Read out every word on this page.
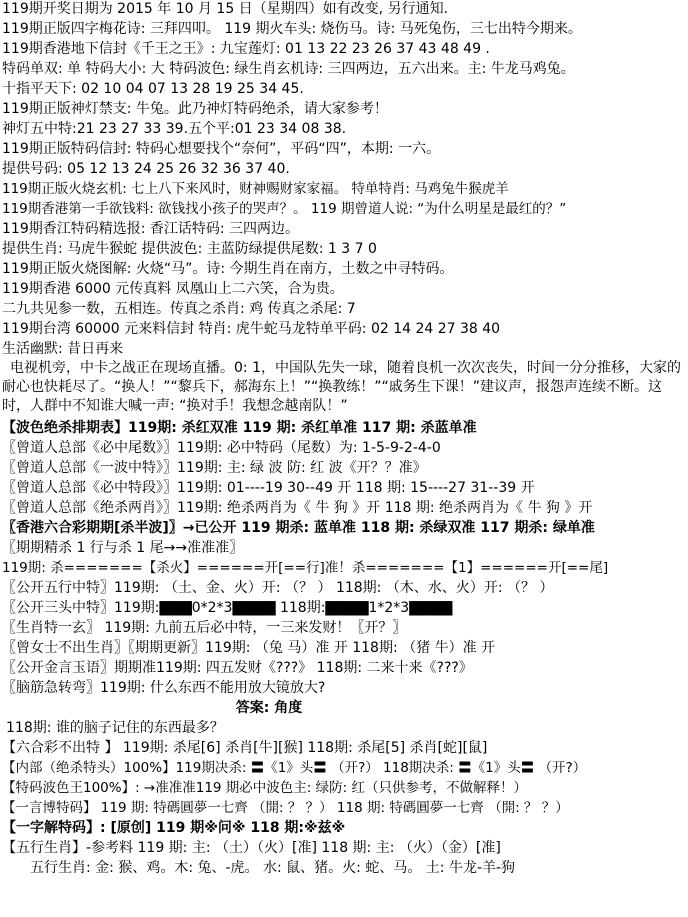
119期开奖日期为 2015 年 10 月 15 日（星期四）如有改变, 另行通知.
119期正版四字梅花诗: 三拜四叩。 119 期火车头: 烧伤马。诗: 马死兔伤，三七出特今期来。
119期香港地下信封《千王之王》: 九宝莲灯: 01 13 22 23 26 37 43 48 49 .
特码单双: 单 特码大小: 大 特码波色: 绿生肖玄机诗: 三四两边，五六出来。主: 牛龙马鸡兔。
十指平天下: 02 10 04 07 13 28 19 25 34 45.
119期正版神灯禁支: 牛兔。此乃神灯特码绝杀，请大家参考！
神灯五中特:21 23 27 33 39.五个平:01 23 34 08 38.
119期正版特码信封: 特码心想要找个“奈何”，平码“四”，本期: 一六。
提供号码: 05 12 13 24 25 26 32 36 37 40.
119期正版火烧玄机: 七上八下来风时，财神赐财家家福。 特单特肖: 马鸡兔牛猴虎羊
119期香港第一手欲钱料: 欲钱找小孩子的哭声？。 119 期曾道人说: “为什么明星是最红的？”
119期香江特码精选报: 香江话特码: 三四两边。
提供生肖: 马虎牛猴蛇 提供波色: 主蓝防绿提供尾数: 1 3 7 0
119期正版火烧图解: 火烧“马”。诗: 今期生肖在南方，土数之中寻特码。
119期香港 6000 元传真料 凤凰山上二六笑，合为贵。
二九共见参一数，五相连。传真之杀肖: 鸡 传真之杀尾: 7
119期台湾 60000 元来料信封 特肖: 虎牛蛇马龙特单平码: 02 14 24 27 38 40
生活幽默: 昔日再来
电视机旁，中卡之战正在现场直播。0: 1，中国队先失一球，随着良机一次次丧失，时间一分分推移，大家的耐心也快耗尽了。“换人！”“黎兵下，郝海东上！”“换教练！”“戚务生下课！”建议声，报怨声连续不断。这时，人群中不知谁大喊一声: “换对手！我想念越南队！”
【波色绝杀排期表】119期: 杀红双准 119 期: 杀红单准 117 期: 杀蓝单准
〖曾道人总部《必中尾数》〗119期: 必中特码（尾数）为: 1-5-9-2-4-0
〖曾道人总部《一波中特》〗119期: 主: 绿 波 防: 红 波《开？？准》
〖曾道人总部《必中特段》〗119期: 01----19 30--49 开 118 期: 15----27 31--39 开
〖曾道人总部《绝杀两肖》〗119期: 绝杀两肖为《 牛 狗 》开 118 期: 绝杀两肖为《 牛 狗 》开
〖香港六合彩期期[杀半波]〗→已公开 119 期杀: 蓝单准 118 期: 杀绿双准 117 期杀: 绿单准
〖期期精杀 1 行与杀 1 尾→→准准准〗
119期: 杀=======【杀火】======开[==行]准！杀=======【1】======开[==尾]
〖公开五行中特〗119期: （土、金、火）开: （？ ） 118期: （木、水、火）开: （？ ）
〖公开三头中特〗119期:▇▇▇0*2*3▇▇▇▇ 118期:▇▇▇▇1*2*3▇▇▇▇
〖生肖特一玄〗 119期: 九前五后必中特，一三来发财！〖开？〗
〖曾女士不出生肖〗〖期期更新〗119期: （兔 马）准 开 118期: （猪 牛）准 开
〖公开金言玉语〗期期准119期: 四五发财《???》 118期: 二来十来《???》
〖脑筋急转弯〗119期: 什么东西不能用放大镜放大?
答案: 角度
118期: 谁的脑子记住的东西最多？
【六合彩不出特 】 119期: 杀尾[6] 杀肖[牛][猴] 118期: 杀尾[5] 杀肖[蛇][鼠]
【内部（绝杀特头）100%】119期决杀: 〓《1》头〓 （开?） 118期决杀: 〓《1》头〓 （开?）
【特码波色王100%】: →准准准119 期必中波色主: 绿防: 红（只供参考，不做解释！）
【一言博特码】 119 期: 特碼圓夢一七齊 （開: ？ ？） 118 期: 特碼圓夢一七齊 （開: ？ ？）
【一字解特码】: [原创] 119 期※问※ 118 期:※兹※
【五行生肖】-参考料 119 期: 主: （土）（火）[准] 118 期: 主: （火）（金）[准]
五行生肖: 金: 猴、鸡。木: 兔、-虎。 水: 鼠、猪。火: 蛇、马。 土: 牛龙-羊-狗
